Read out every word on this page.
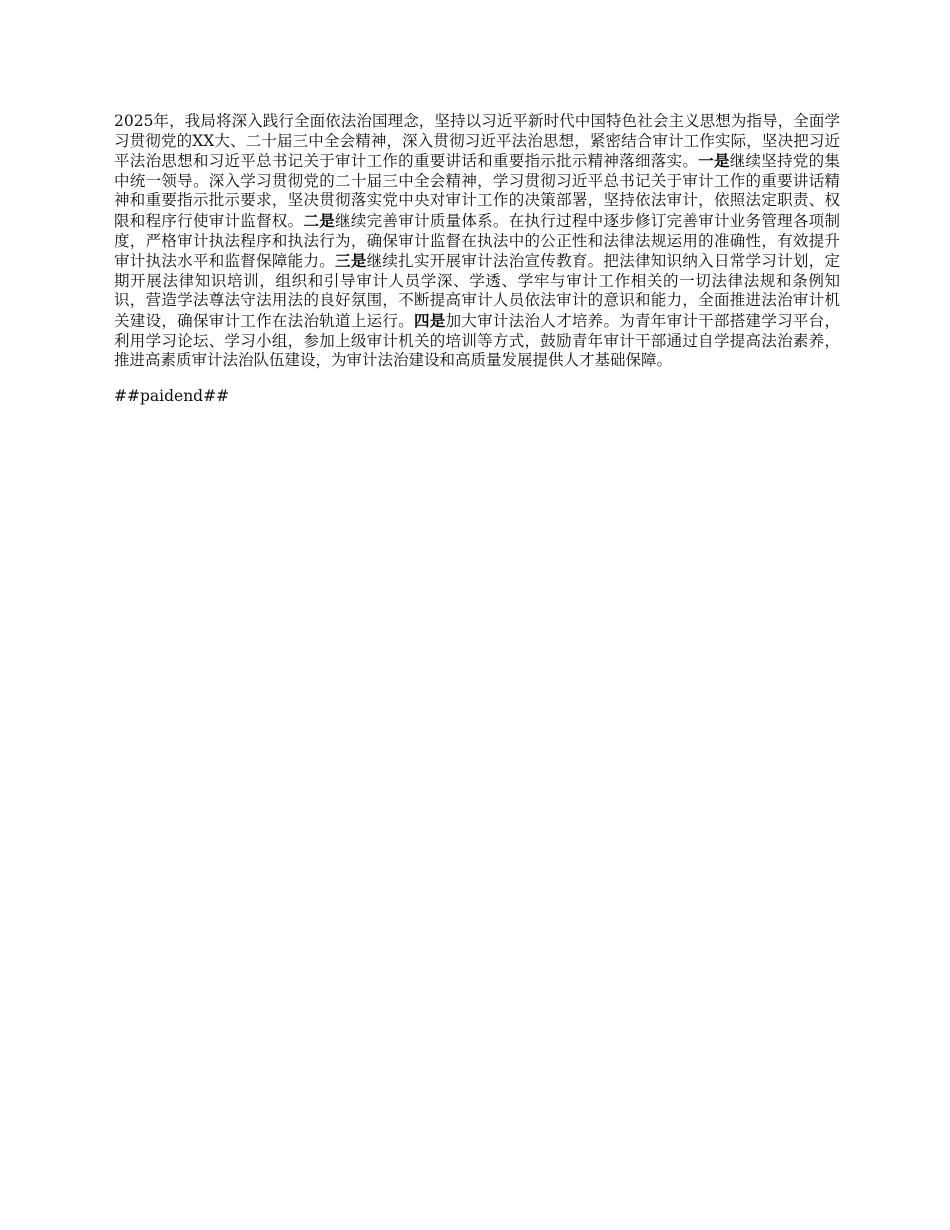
2025年，我局将深入践行全面依法治国理念，坚持以习近平新时代中国特色社会主义思想为指导，全面学习贯彻党的XX大、二十届三中全会精神，深入贯彻习近平法治思想，紧密结合审计工作实际，坚决把习近平法治思想和习近平总书记关于审计工作的重要讲话和重要指示批示精神落细落实。一是继续坚持党的集中统一领导。深入学习贯彻党的二十届三中全会精神，学习贯彻习近平总书记关于审计工作的重要讲话精神和重要指示批示要求，坚决贯彻落实党中央对审计工作的决策部署，坚持依法审计，依照法定职责、权限和程序行使审计监督权。二是继续完善审计质量体系。在执行过程中逐步修订完善审计业务管理各项制度，严格审计执法程序和执法行为，确保审计监督在执法中的公正性和法律法规运用的准确性，有效提升审计执法水平和监督保障能力。三是继续扎实开展审计法治宣传教育。把法律知识纳入日常学习计划，定期开展法律知识培训，组织和引导审计人员学深、学透、学牢与审计工作相关的一切法律法规和条例知识，营造学法尊法守法用法的良好氛围，不断提高审计人员依法审计的意识和能力，全面推进法治审计机关建设，确保审计工作在法治轨道上运行。四是加大审计法治人才培养。为青年审计干部搭建学习平台，利用学习论坛、学习小组，参加上级审计机关的培训等方式，鼓励青年审计干部通过自学提高法治素养，推进高素质审计法治队伍建设，为审计法治建设和高质量发展提供人才基础保障。

##paidend##
